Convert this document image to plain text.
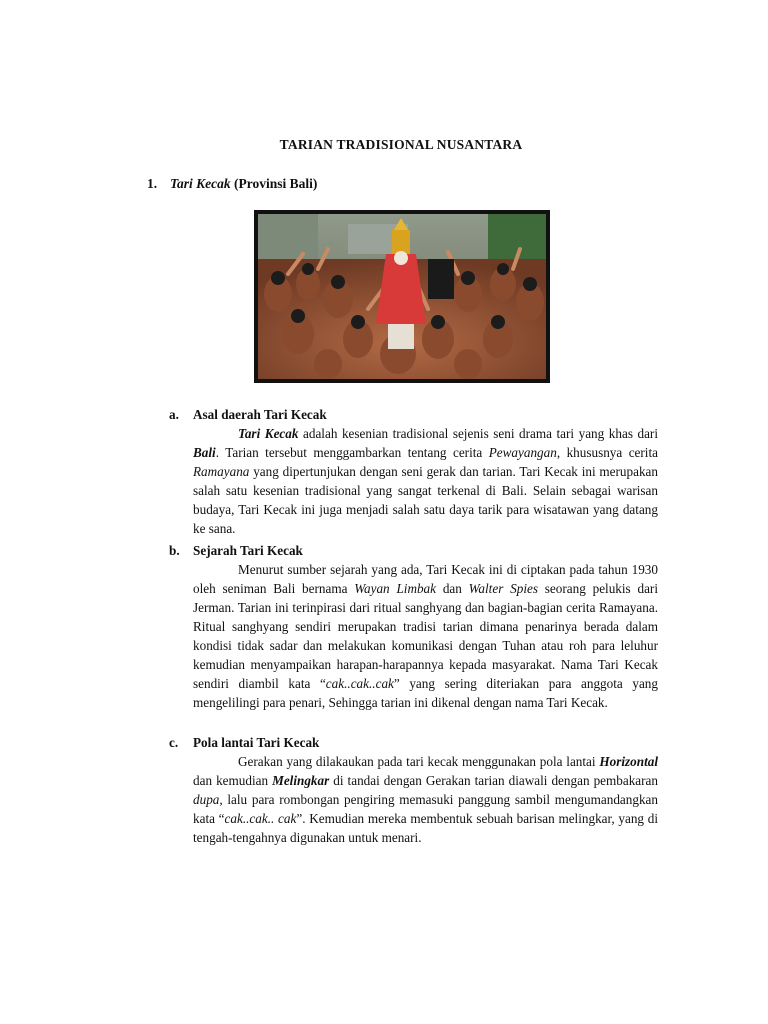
TARIAN TRADISIONAL NUSANTARA
1. Tari Kecak (Provinsi Bali)
a. Asal daerah Tari Kecak

Tari Kecak adalah kesenian tradisional sejenis seni drama tari yang khas dari Bali. Tarian tersebut menggambarkan tentang cerita Pewayangan, khususnya cerita Ramayana yang dipertunjukan dengan seni gerak dan tarian. Tari Kecak ini merupakan salah satu kesenian tradisional yang sangat terkenal di Bali. Selain sebagai warisan budaya, Tari Kecak ini juga menjadi salah satu daya tarik para wisatawan yang datang ke sana.

b. Sejarah Tari Kecak

Menurut sumber sejarah yang ada, Tari Kecak ini di ciptakan pada tahun 1930 oleh seniman Bali bernama Wayan Limbak dan Walter Spies seorang pelukis dari Jerman. Tarian ini terinpirasi dari ritual sanghyang dan bagian-bagian cerita Ramayana. Ritual sanghyang sendiri merupakan tradisi tarian dimana penarinya berada dalam kondisi tidak sadar dan melakukan komunikasi dengan Tuhan atau roh para leluhur kemudian menyampaikan harapan-harapannya kepada masyarakat. Nama Tari Kecak sendiri diambil kata “cak..cak..cak” yang sering diteriakan para anggota yang mengelilingi para penari, Sehingga tarian ini dikenal dengan nama Tari Kecak.

c. Pola lantai Tari Kecak

Gerakan yang dilakaukan pada tari kecak menggunakan pola lantai Horizontal dan kemudian Melingkar di tandai dengan Gerakan tarian diawali dengan pembakaran dupa, lalu para rombongan pengiring memasuki panggung sambil mengumandangkan kata “cak..cak.. cak”. Kemudian mereka membentuk sebuah barisan melingkar, yang di tengah-tengahnya digunakan untuk menari.
